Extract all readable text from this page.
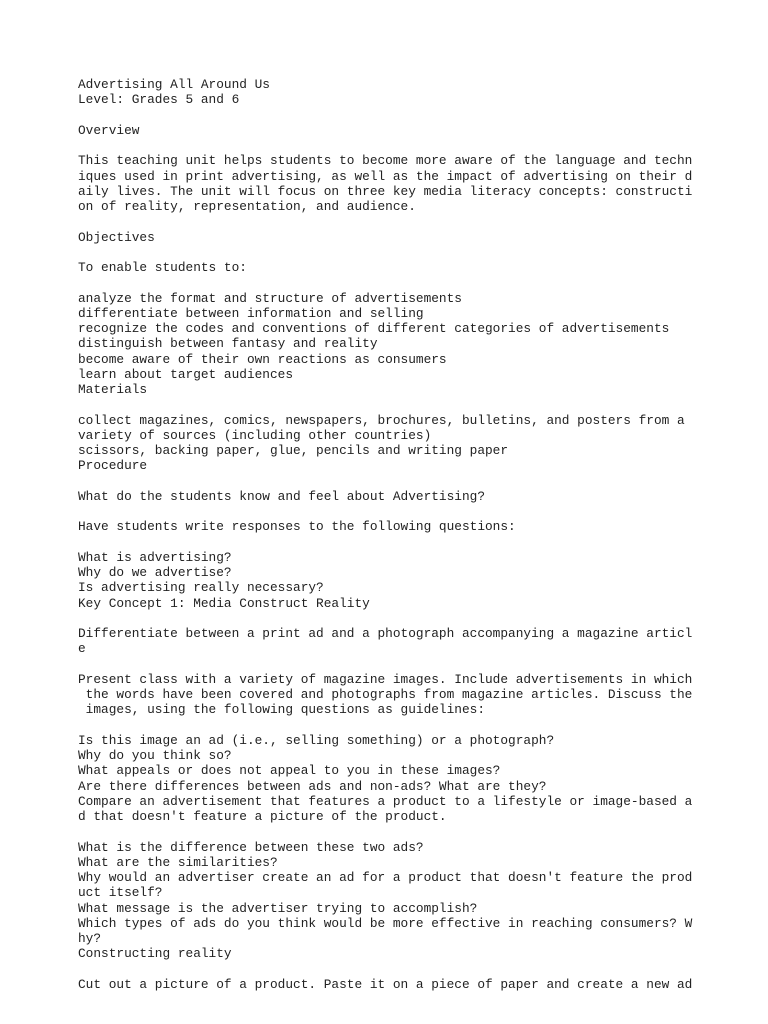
Advertising All Around Us
Level: Grades 5 and 6
Overview
This teaching unit helps students to become more aware of the language and techn
iques used in print advertising, as well as the impact of advertising on their d
aily lives. The unit will focus on three key media literacy concepts: constructi
on of reality, representation, and audience.
Objectives
To enable students to:
analyze the format and structure of advertisements
differentiate between information and selling
recognize the codes and conventions of different categories of advertisements
distinguish between fantasy and reality
become aware of their own reactions as consumers
learn about target audiences
Materials
collect magazines, comics, newspapers, brochures, bulletins, and posters from a
variety of sources (including other countries)
scissors, backing paper, glue, pencils and writing paper
Procedure
What do the students know and feel about Advertising?
Have students write responses to the following questions:
What is advertising?
Why do we advertise?
Is advertising really necessary?
Key Concept 1: Media Construct Reality
Differentiate between a print ad and a photograph accompanying a magazine articl
e
Present class with a variety of magazine images. Include advertisements in which
the words have been covered and photographs from magazine articles. Discuss the
images, using the following questions as guidelines:
Is this image an ad (i.e., selling something) or a photograph?
Why do you think so?
What appeals or does not appeal to you in these images?
Are there differences between ads and non-ads? What are they?
Compare an advertisement that features a product to a lifestyle or image-based a
d that doesn't feature a picture of the product.
What is the difference between these two ads?
What are the similarities?
Why would an advertiser create an ad for a product that doesn't feature the prod
uct itself?
What message is the advertiser trying to accomplish?
Which types of ads do you think would be more effective in reaching consumers? W
hy?
Constructing reality
Cut out a picture of a product. Paste it on a piece of paper and create a new ad
